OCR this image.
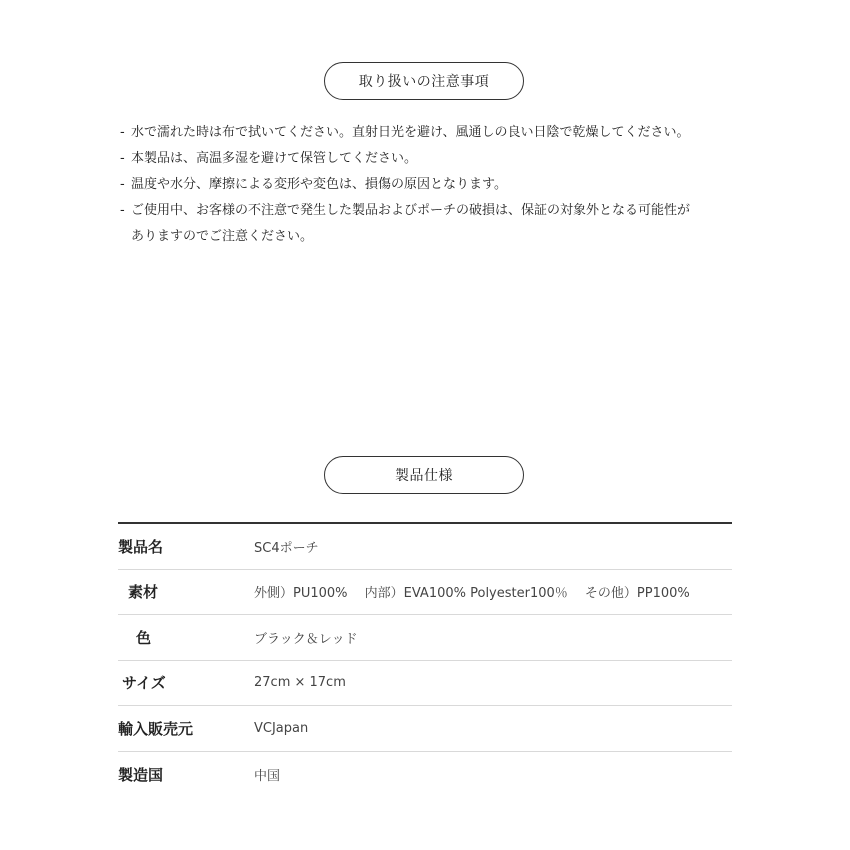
取り扱いの注意事項
- 水で濡れた時は布で拭いてください。直射日光を避け、風通しの良い日陰で乾燥してください。
- 本製品は、高温多湿を避けて保管してください。
- 温度や水分、摩擦による変形や変色は、損傷の原因となります。
- ご使用中、お客様の不注意で発生した製品およびポーチの破損は、保証の対象外となる可能性が
ありますのでご注意ください。
製品仕様
製品名	SC4ポーチ
素材	外側）PU100%　 内部）EVA100% Polyester100％　 その他）PP100%
色	ブラック＆レッド
サイズ	27cm × 17cm
輸入販売元	VCJapan
製造国	中国
